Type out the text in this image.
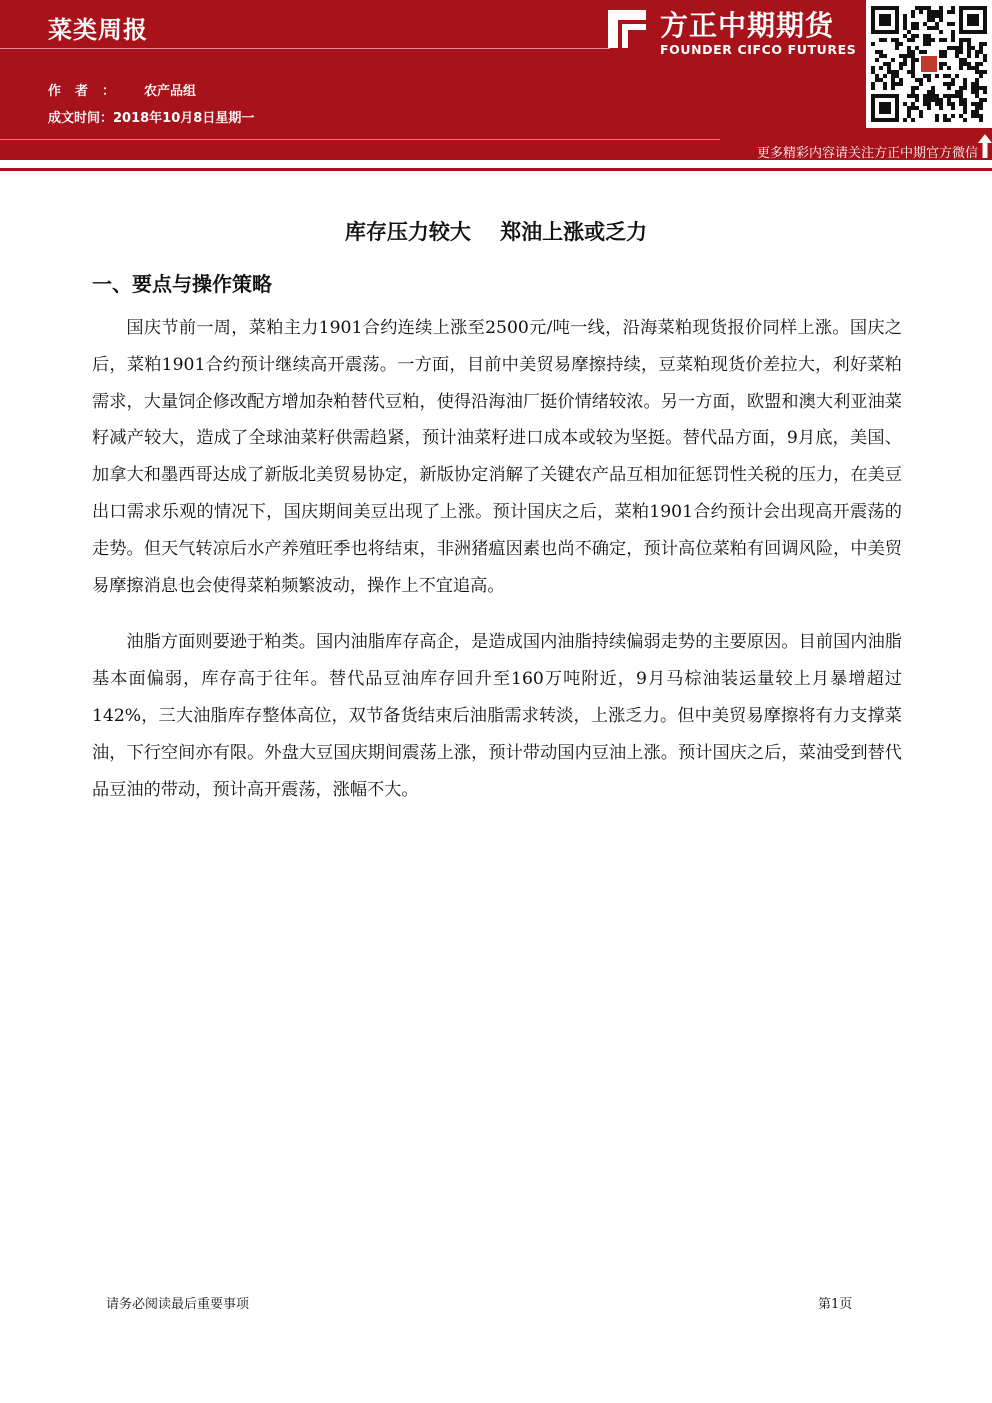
菜类周报
作者： 农产品组
成文时间：2018年10月8日星期一
方正中期期货
FOUNDER CIFCO FUTURES
更多精彩内容请关注方正中期官方微信
库存压力较大    郑油上涨或乏力
一、要点与操作策略

国庆节前一周，菜粕主力1901合约连续上涨至2500元/吨一线，沿海菜粕现货报价同样上涨。国庆之后，菜粕1901合约预计继续高开震荡。一方面，目前中美贸易摩擦持续，豆菜粕现货价差拉大，利好菜粕需求，大量饲企修改配方增加杂粕替代豆粕，使得沿海油厂挺价情绪较浓。另一方面，欧盟和澳大利亚油菜籽减产较大，造成了全球油菜籽供需趋紧，预计油菜籽进口成本或较为坚挺。替代品方面，9月底，美国、加拿大和墨西哥达成了新版北美贸易协定，新版协定消解了关键农产品互相加征惩罚性关税的压力，在美豆出口需求乐观的情况下，国庆期间美豆出现了上涨。预计国庆之后，菜粕1901合约预计会出现高开震荡的走势。但天气转凉后水产养殖旺季也将结束，非洲猪瘟因素也尚不确定，预计高位菜粕有回调风险，中美贸易摩擦消息也会使得菜粕频繁波动，操作上不宜追高。

油脂方面则要逊于粕类。国内油脂库存高企，是造成国内油脂持续偏弱走势的主要原因。目前国内油脂基本面偏弱，库存高于往年。替代品豆油库存回升至160万吨附近，9月马棕油装运量较上月暴增超过142%，三大油脂库存整体高位，双节备货结束后油脂需求转淡，上涨乏力。但中美贸易摩擦将有力支撑菜油，下行空间亦有限。外盘大豆国庆期间震荡上涨，预计带动国内豆油上涨。预计国庆之后，菜油受到替代品豆油的带动，预计高开震荡，涨幅不大。

请务必阅读最后重要事项	第1页
